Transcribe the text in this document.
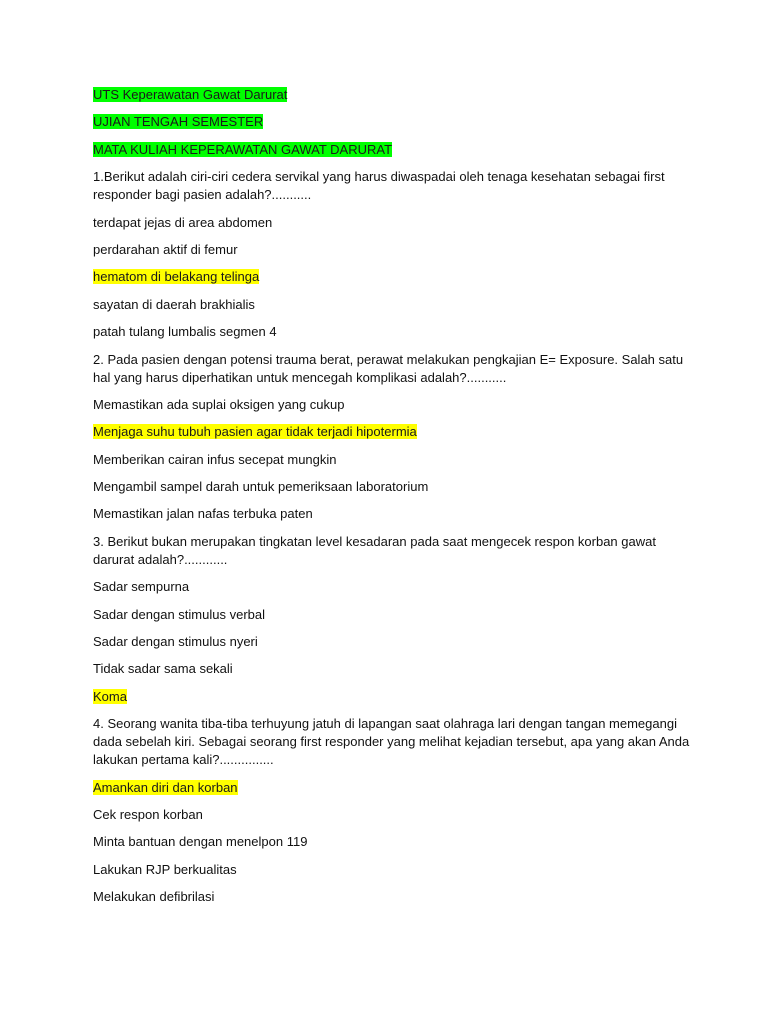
UTS Keperawatan Gawat Darurat
UJIAN TENGAH SEMESTER
MATA KULIAH KEPERAWATAN GAWAT DARURAT
1.Berikut adalah ciri-ciri cedera servikal yang harus diwaspadai oleh tenaga kesehatan sebagai first responder bagi pasien adalah?...........
terdapat jejas di area abdomen
perdarahan aktif di femur
hematom di belakang telinga
sayatan di daerah brakhialis
patah tulang lumbalis segmen 4
2. Pada pasien dengan potensi trauma berat, perawat melakukan pengkajian E= Exposure. Salah satu hal yang harus diperhatikan untuk mencegah komplikasi adalah?...........
Memastikan ada suplai oksigen yang cukup
Menjaga suhu tubuh pasien agar tidak terjadi hipotermia
Memberikan cairan infus secepat mungkin
Mengambil sampel darah untuk pemeriksaan laboratorium
Memastikan jalan nafas terbuka paten
3. Berikut bukan merupakan tingkatan level kesadaran pada saat mengecek respon korban gawat darurat adalah?............
Sadar sempurna
Sadar dengan stimulus verbal
Sadar dengan stimulus nyeri
Tidak sadar sama sekali
Koma
4. Seorang wanita tiba-tiba terhuyung jatuh di lapangan saat olahraga lari dengan tangan memegangi dada sebelah kiri. Sebagai seorang first responder yang melihat kejadian tersebut, apa yang akan Anda lakukan pertama kali?...............
Amankan diri dan korban
Cek respon korban
Minta bantuan dengan menelpon 119
Lakukan RJP berkualitas
Melakukan defibrilasi
